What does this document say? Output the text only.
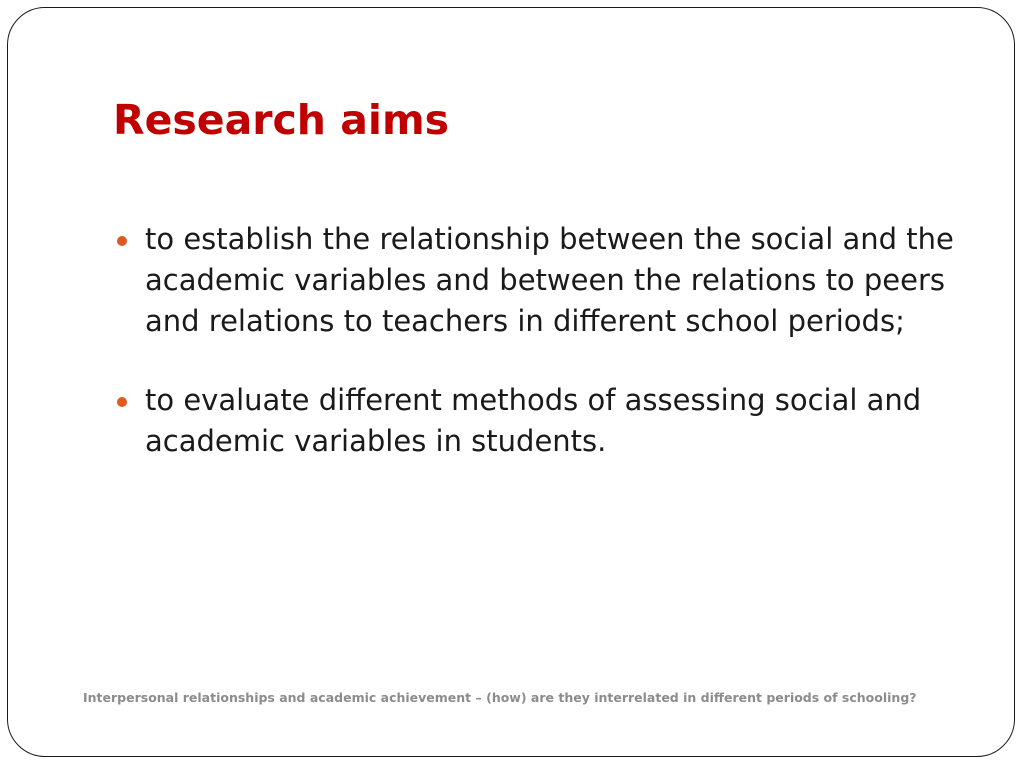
Research aims
to establish the relationship between the social and the academic variables and between the relations to peers and relations to teachers in different school periods;
to evaluate different methods of assessing social and academic variables in students.

Interpersonal relationships and academic achievement – (how) are they interrelated in different periods of schooling?
